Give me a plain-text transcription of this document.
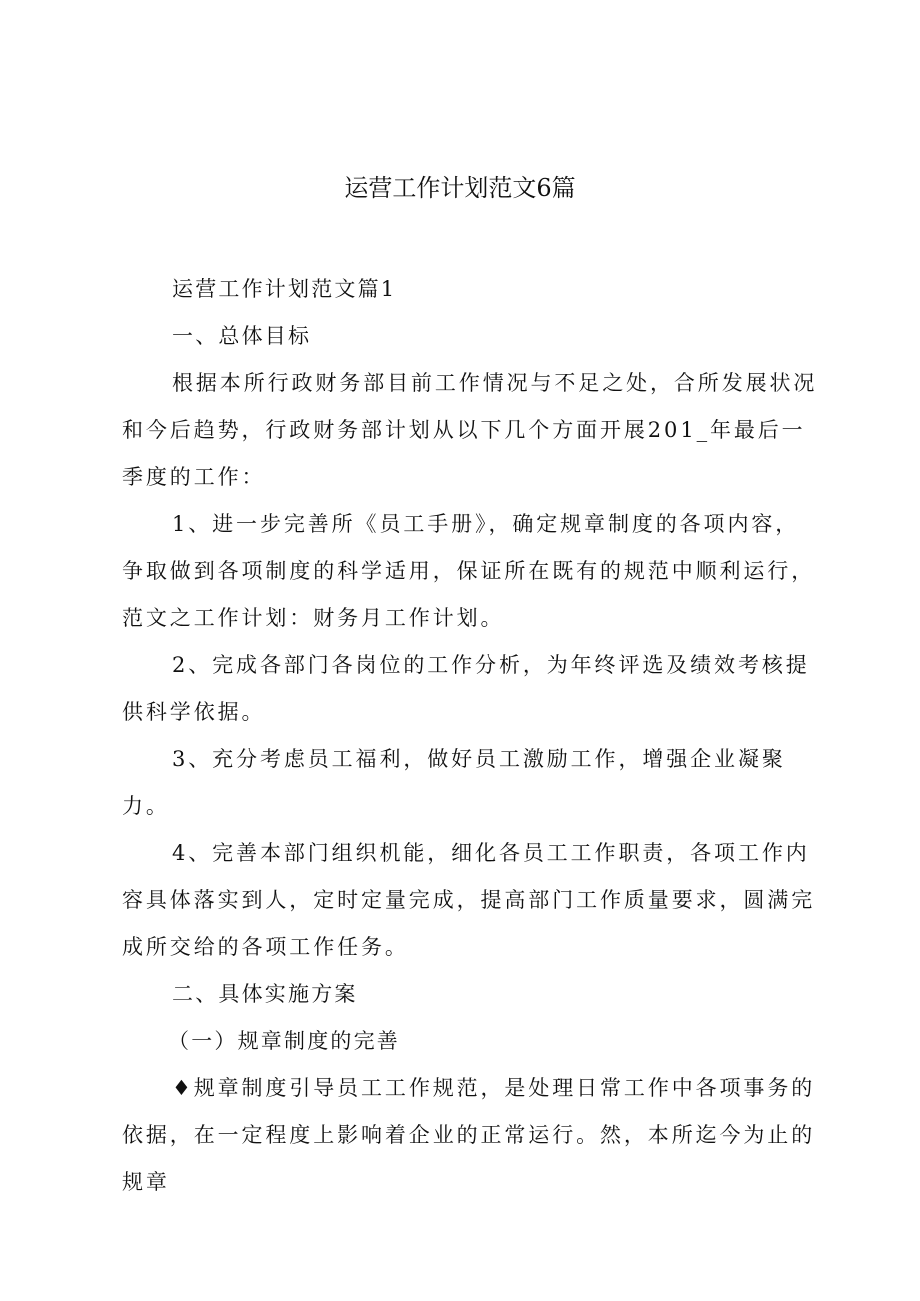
运营工作计划范文6篇

运营工作计划范文篇1

一、总体目标

根据本所行政财务部目前工作情况与不足之处，合所发展状况和今后趋势，行政财务部计划从以下几个方面开展201_年最后一季度的工作：

1、进一步完善所《员工手册》，确定规章制度的各项内容，争取做到各项制度的科学适用，保证所在既有的规范中顺利运行，范文之工作计划：财务月工作计划。

2、完成各部门各岗位的工作分析，为年终评选及绩效考核提供科学依据。

3、充分考虑员工福利，做好员工激励工作，增强企业凝聚力。

4、完善本部门组织机能，细化各员工工作职责，各项工作内容具体落实到人，定时定量完成，提高部门工作质量要求，圆满完成所交给的各项工作任务。

二、具体实施方案

（一）规章制度的完善

♦规章制度引导员工工作规范，是处理日常工作中各项事务的依据，在一定程度上影响着企业的正常运行。然，本所迄今为止的规章
